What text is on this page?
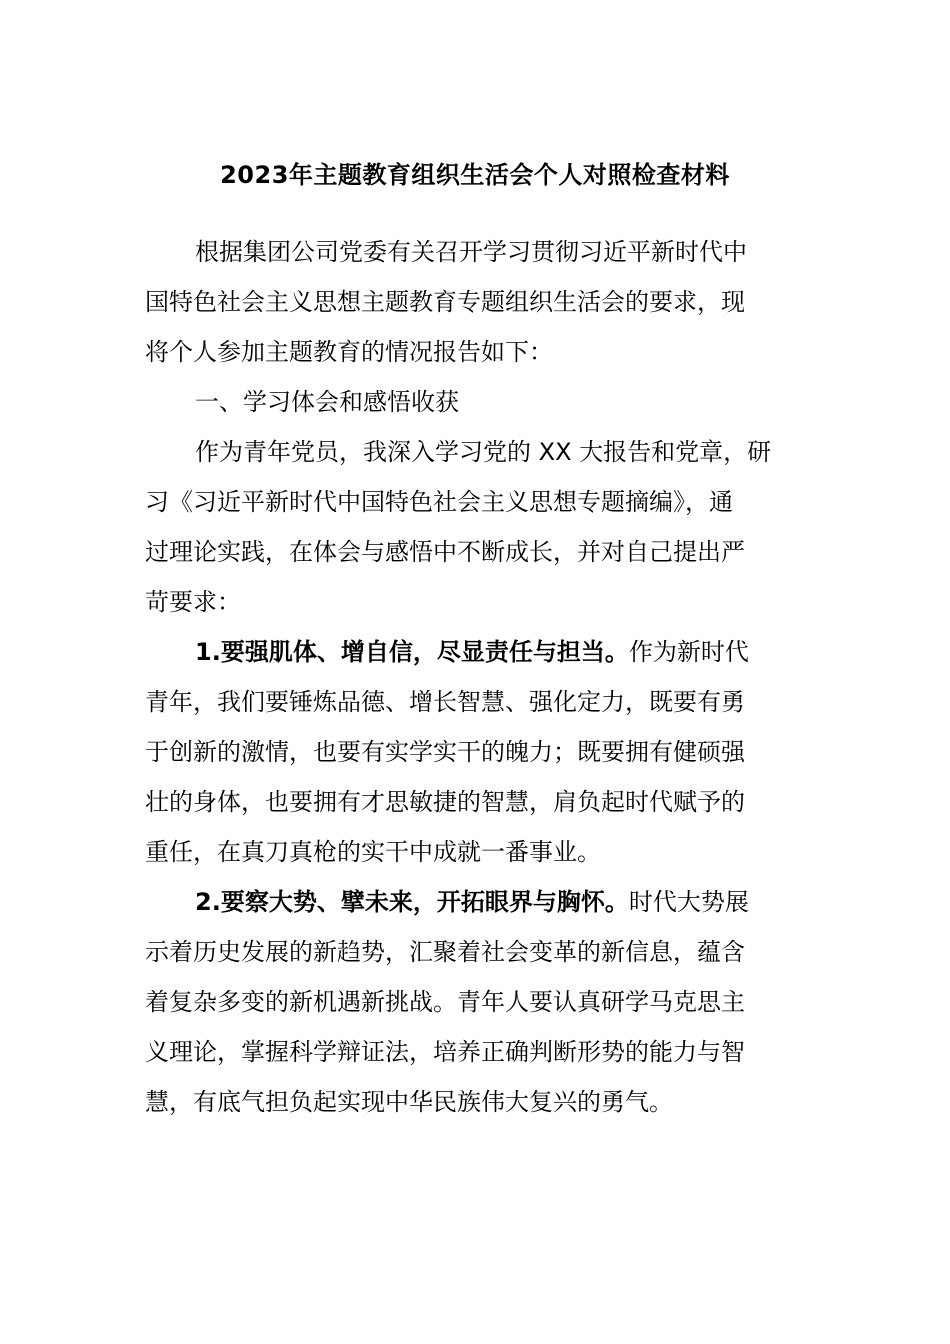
2023年主题教育组织生活会个人对照检查材料
根据集团公司党委有关召开学习贯彻习近平新时代中
国特色社会主义思想主题教育专题组织生活会的要求，现
将个人参加主题教育的情况报告如下：
一、学习体会和感悟收获
作为青年党员，我深入学习党的 XX 大报告和党章，研
习《习近平新时代中国特色社会主义思想专题摘编》，通
过理论实践，在体会与感悟中不断成长，并对自己提出严
苛要求：
1.要强肌体、增自信，尽显责任与担当。作为新时代
青年，我们要锤炼品德、增长智慧、强化定力，既要有勇
于创新的激情，也要有实学实干的魄力；既要拥有健硕强
壮的身体，也要拥有才思敏捷的智慧，肩负起时代赋予的
重任，在真刀真枪的实干中成就一番事业。
2.要察大势、擘未来，开拓眼界与胸怀。时代大势展
示着历史发展的新趋势，汇聚着社会变革的新信息，蕴含
着复杂多变的新机遇新挑战。青年人要认真研学马克思主
义理论，掌握科学辩证法，培养正确判断形势的能力与智
慧，有底气担负起实现中华民族伟大复兴的勇气。
